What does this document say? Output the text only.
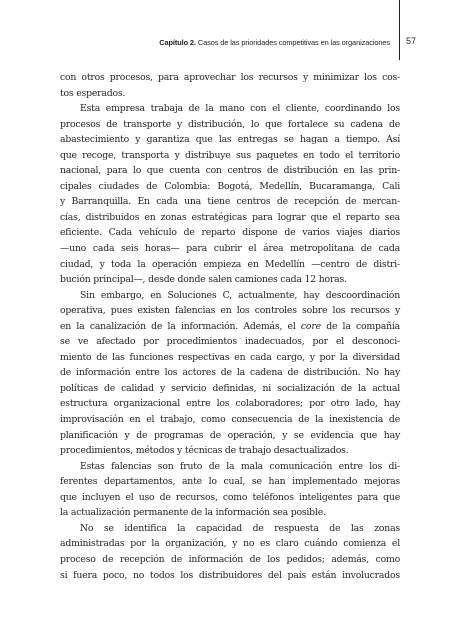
Capítulo 2. Casos de las prioridades competitivas en las organizaciones 57
con otros procesos, para aprovechar los recursos y minimizar los cos-
tos esperados.
Esta empresa trabaja de la mano con el cliente, coordinando los
procesos de transporte y distribución, lo que fortalece su cadena de
abastecimiento y garantiza que las entregas se hagan a tiempo. Así
que recoge, transporta y distribuye sus paquetes en todo el territorio
nacional, para lo que cuenta con centros de distribución en las prin-
cipales ciudades de Colombia: Bogotá, Medellín, Bucaramanga, Cali
y Barranquilla. En cada una tiene centros de recepción de mercan-
cías, distribuidos en zonas estratégicas para lograr que el reparto sea
eficiente. Cada vehículo de reparto dispone de varios viajes diarios
—uno cada seis horas— para cubrir el área metropolitana de cada
ciudad, y toda la operación empieza en Medellín —centro de distri-
bución principal—, desde donde salen camiones cada 12 horas.
Sin embargo, en Soluciones C, actualmente, hay descoordinación
operativa, pues existen falencias en los controles sobre los recursos y
en la canalización de la información. Además, el core de la compañía
se ve afectado por procedimientos inadecuados, por el desconoci-
miento de las funciones respectivas en cada cargo, y por la diversidad
de información entre los actores de la cadena de distribución. No hay
políticas de calidad y servicio definidas, ni socialización de la actual
estructura organizacional entre los colaboradores; por otro lado, hay
improvisación en el trabajo, como consecuencia de la inexistencia de
planificación y de programas de operación, y se evidencia que hay
procedimientos, métodos y técnicas de trabajo desactualizados.
Estas falencias son fruto de la mala comunicación entre los di-
ferentes departamentos, ante lo cual, se han implementado mejoras
que incluyen el uso de recursos, como teléfonos inteligentes para que
la actualización permanente de la información sea posible.
No se identifica la capacidad de respuesta de las zonas
administradas por la organización, y no es claro cuándo comienza el
proceso de recepción de información de los pedidos; además, como
si fuera poco, no todos los distribuidores del país están involucrados
